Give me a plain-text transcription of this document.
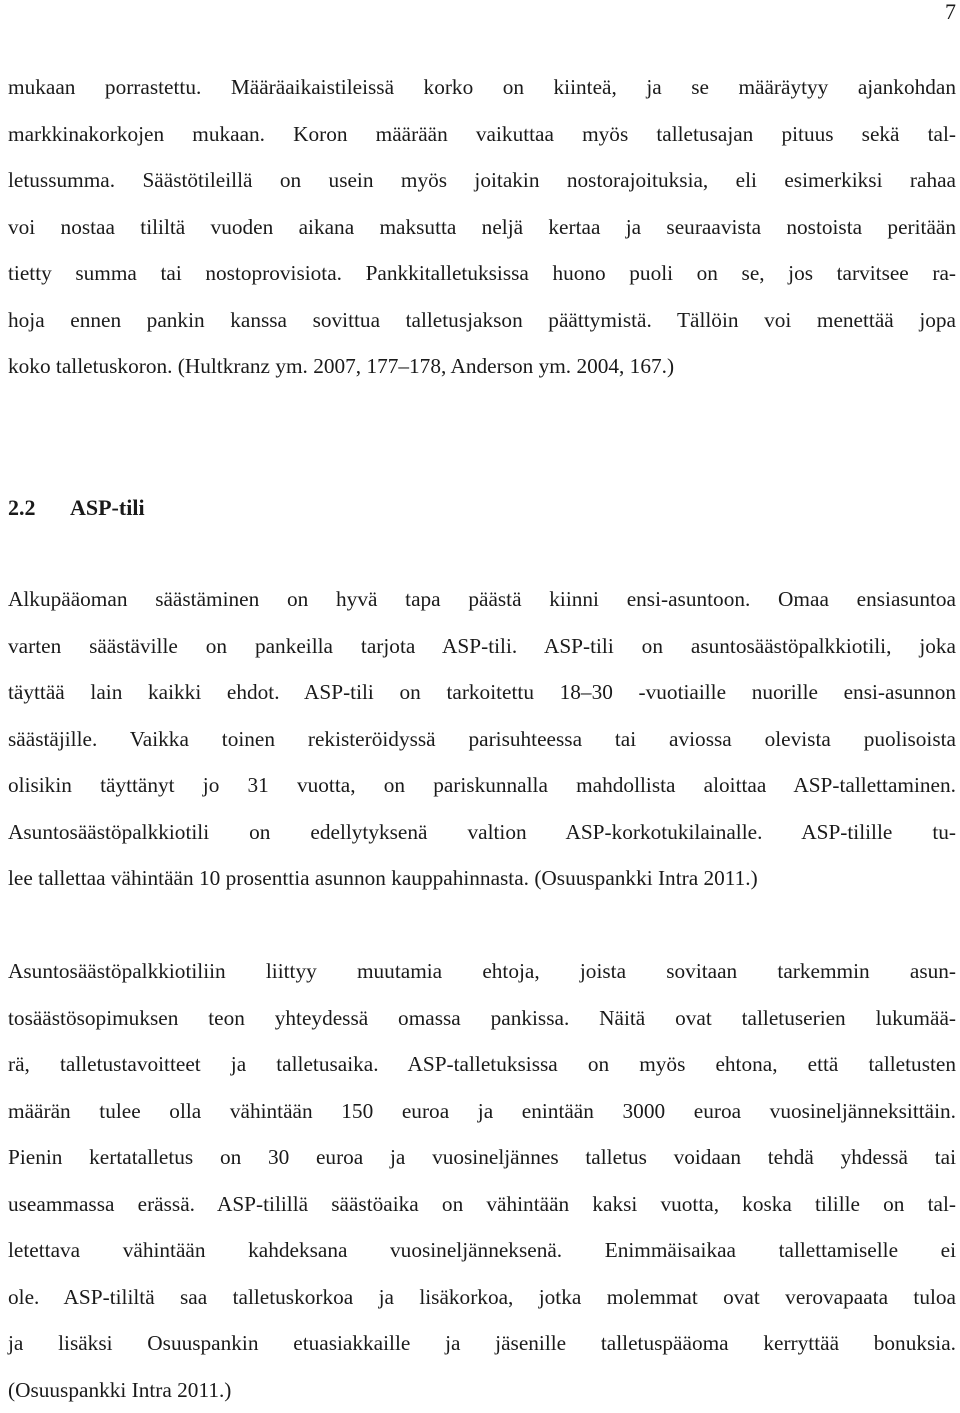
7
mukaan porrastettu. Määräaikaistileissä korko on kiinteä, ja se määräytyy ajankohdan
markkinakorkojen mukaan. Koron määrään vaikuttaa myös talletusajan pituus sekä tal-
letussumma. Säästötileillä on usein myös joitakin nostorajoituksia, eli esimerkiksi rahaa
voi nostaa tililtä vuoden aikana maksutta neljä kertaa ja seuraavista nostoista peritään
tietty summa tai nostoprovisiota. Pankkitalletuksissa huono puoli on se, jos tarvitsee ra-
hoja ennen pankin kanssa sovittua talletusjakson päättymistä. Tällöin voi menettää jopa
koko talletuskoron. (Hultkranz ym. 2007, 177–178, Anderson ym. 2004, 167.)
2.2 ASP-tili
Alkupääoman säästäminen on hyvä tapa päästä kiinni ensi-asuntoon. Omaa ensiasuntoa
varten säästäville on pankeilla tarjota ASP-tili. ASP-tili on asuntosäästöpalkkiotili, joka
täyttää lain kaikki ehdot. ASP-tili on tarkoitettu 18–30 -vuotiaille nuorille ensi-asunnon
säästäjille. Vaikka toinen rekisteröidyssä parisuhteessa tai aviossa olevista puolisoista
olisikin täyttänyt jo 31 vuotta, on pariskunnalla mahdollista aloittaa ASP-tallettaminen.
Asuntosäästöpalkkiotili on edellytyksenä valtion ASP-korkotukilainalle. ASP-tilille tu-
lee tallettaa vähintään 10 prosenttia asunnon kauppahinnasta. (Osuuspankki Intra 2011.)
Asuntosäästöpalkkiotiliin liittyy muutamia ehtoja, joista sovitaan tarkemmin asun-
tosäästösopimuksen teon yhteydessä omassa pankissa. Näitä ovat talletuserien lukumää-
rä, talletustavoitteet ja talletusaika. ASP-talletuksissa on myös ehtona, että talletusten
määrän tulee olla vähintään 150 euroa ja enintään 3000 euroa vuosineljänneksittäin.
Pienin kertatalletus on 30 euroa ja vuosineljännes talletus voidaan tehdä yhdessä tai
useammassa erässä. ASP-tilillä säästöaika on vähintään kaksi vuotta, koska tilille on tal-
letettava vähintään kahdeksana vuosineljänneksenä. Enimmäisaikaa tallettamiselle ei
ole. ASP-tililtä saa talletuskorkoa ja lisäkorkoa, jotka molemmat ovat verovapaata tuloa
ja lisäksi Osuuspankin etuasiakkaille ja jäsenille talletuspääoma kerryttää bonuksia.
(Osuuspankki Intra 2011.)
